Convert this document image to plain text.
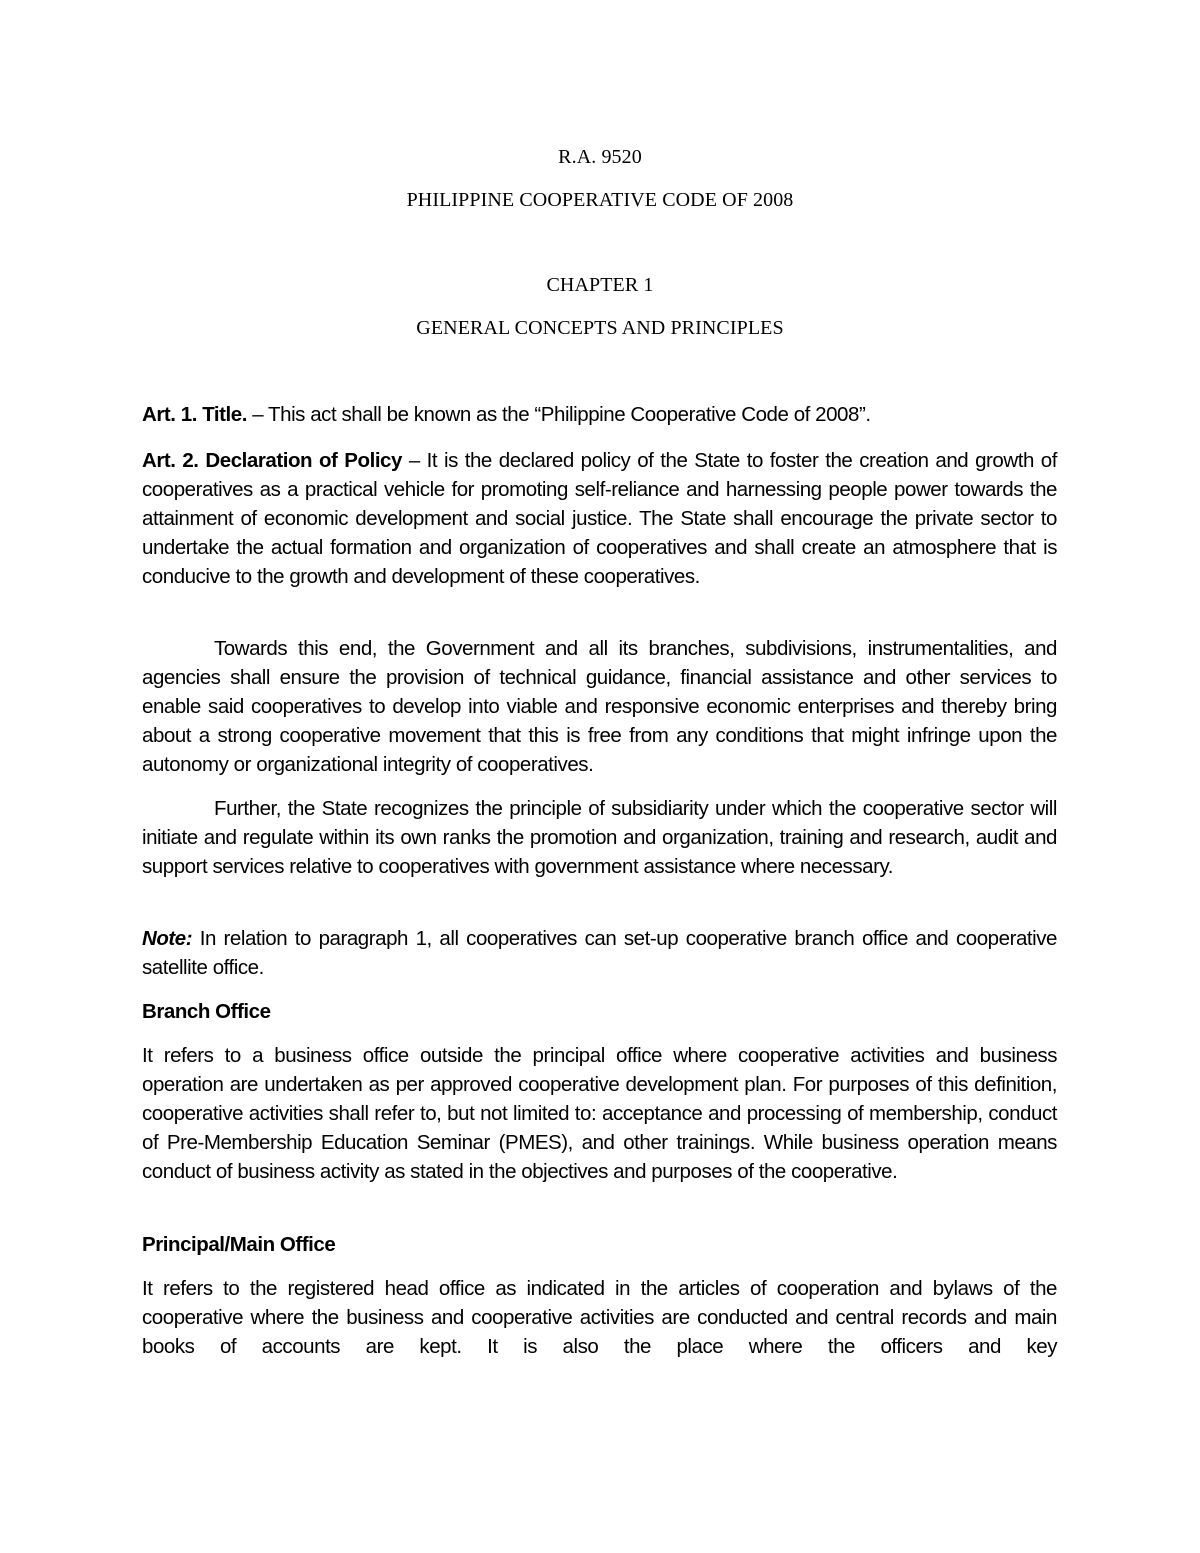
R.A. 9520
PHILIPPINE COOPERATIVE CODE OF 2008
CHAPTER 1
GENERAL CONCEPTS AND PRINCIPLES
Art. 1. Title. – This act shall be known as the “Philippine Cooperative Code of 2008”.
Art. 2. Declaration of Policy – It is the declared policy of the State to foster the creation and growth of cooperatives as a practical vehicle for promoting self-reliance and harnessing people power towards the attainment of economic development and social justice. The State shall encourage the private sector to undertake the actual formation and organization of cooperatives and shall create an atmosphere that is conducive to the growth and development of these cooperatives.
Towards this end, the Government and all its branches, subdivisions, instrumentalities, and agencies shall ensure the provision of technical guidance, financial assistance and other services to enable said cooperatives to develop into viable and responsive economic enterprises and thereby bring about a strong cooperative movement that this is free from any conditions that might infringe upon the autonomy or organizational integrity of cooperatives.
Further, the State recognizes the principle of subsidiarity under which the cooperative sector will initiate and regulate within its own ranks the promotion and organization, training and research, audit and support services relative to cooperatives with government assistance where necessary.
Note: In relation to paragraph 1, all cooperatives can set-up cooperative branch office and cooperative satellite office.
Branch Office
It refers to a business office outside the principal office where cooperative activities and business operation are undertaken as per approved cooperative development plan. For purposes of this definition, cooperative activities shall refer to, but not limited to: acceptance and processing of membership, conduct of Pre-Membership Education Seminar (PMES), and other trainings. While business operation means conduct of business activity as stated in the objectives and purposes of the cooperative.
Principal/Main Office
It refers to the registered head office as indicated in the articles of cooperation and bylaws of the cooperative where the business and cooperative activities are conducted and central records and main books of accounts are kept. It is also the place where the officers and key
